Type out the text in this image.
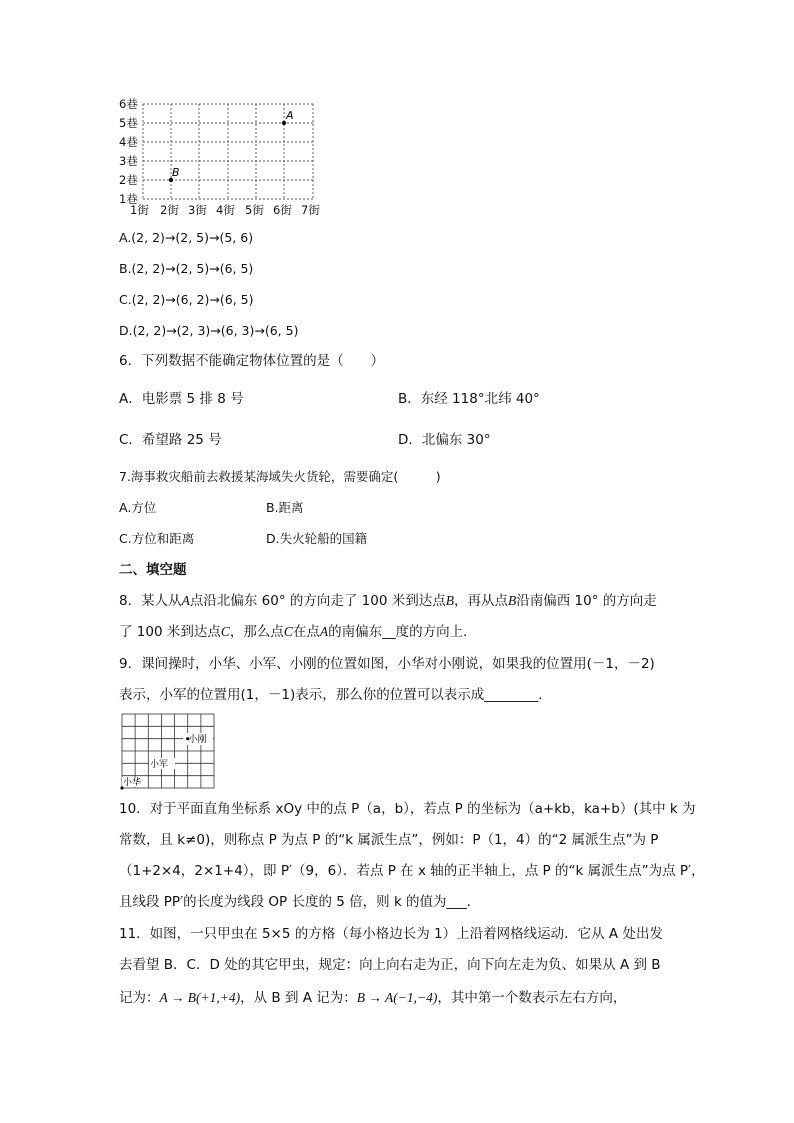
6巷
5巷
4巷
3巷
2巷
1巷
1街 2街 3街 4街 5街 6街 7街
A
B
A.(2, 2)→(2, 5)→(5, 6)
B.(2, 2)→(2, 5)→(6, 5)
C.(2, 2)→(6, 2)→(6, 5)
D.(2, 2)→(2, 3)→(6, 3)→(6, 5)
6．下列数据不能确定物体位置的是（　　）
A．电影票 5 排 8 号	B．东经 118°北纬 40°
C．希望路 25 号	D．北偏东 30°
7.海事救灾船前去救援某海域失火货轮，需要确定(　　　)
A.方位	B.距离
C.方位和距离	D.失火轮船的国籍
二、填空题
8．某人从A点沿北偏东 60° 的方向走了 100 米到达点B，再从点B沿南偏西 10° 的方向走
了 100 米到达点C，那么点C在点A的南偏东__度的方向上．
9．课间操时，小华、小军、小刚的位置如图，小华对小刚说，如果我的位置用(－1，－2)
表示，小军的位置用(1，－1)表示，那么你的位置可以表示成________．
小刚
小军
小华
10．对于平面直角坐标系 xOy 中的点 P（a，b），若点 P 的坐标为（a+kb，ka+b）(其中 k 为
常数，且 k≠0)，则称点 P 为点 P 的“k 属派生点”，例如：P（1，4）的“2 属派生点”为 P
（1+2×4，2×1+4），即 P′（9，6）．若点 P 在 x 轴的正半轴上，点 P 的“k 属派生点”为点 P′，
且线段 PP′的长度为线段 OP 长度的 5 倍，则 k 的值为___．
11．如图，一只甲虫在 5×5 的方格（每小格边长为 1）上沿着网格线运动．它从 A 处出发
去看望 B．C．D 处的其它甲虫，规定：向上向右走为正，向下向左走为负、如果从 A 到 B
记为：A → B(+1,+4)，从 B 到 A 记为：B → A(−1,−4)，其中第一个数表示左右方向，
